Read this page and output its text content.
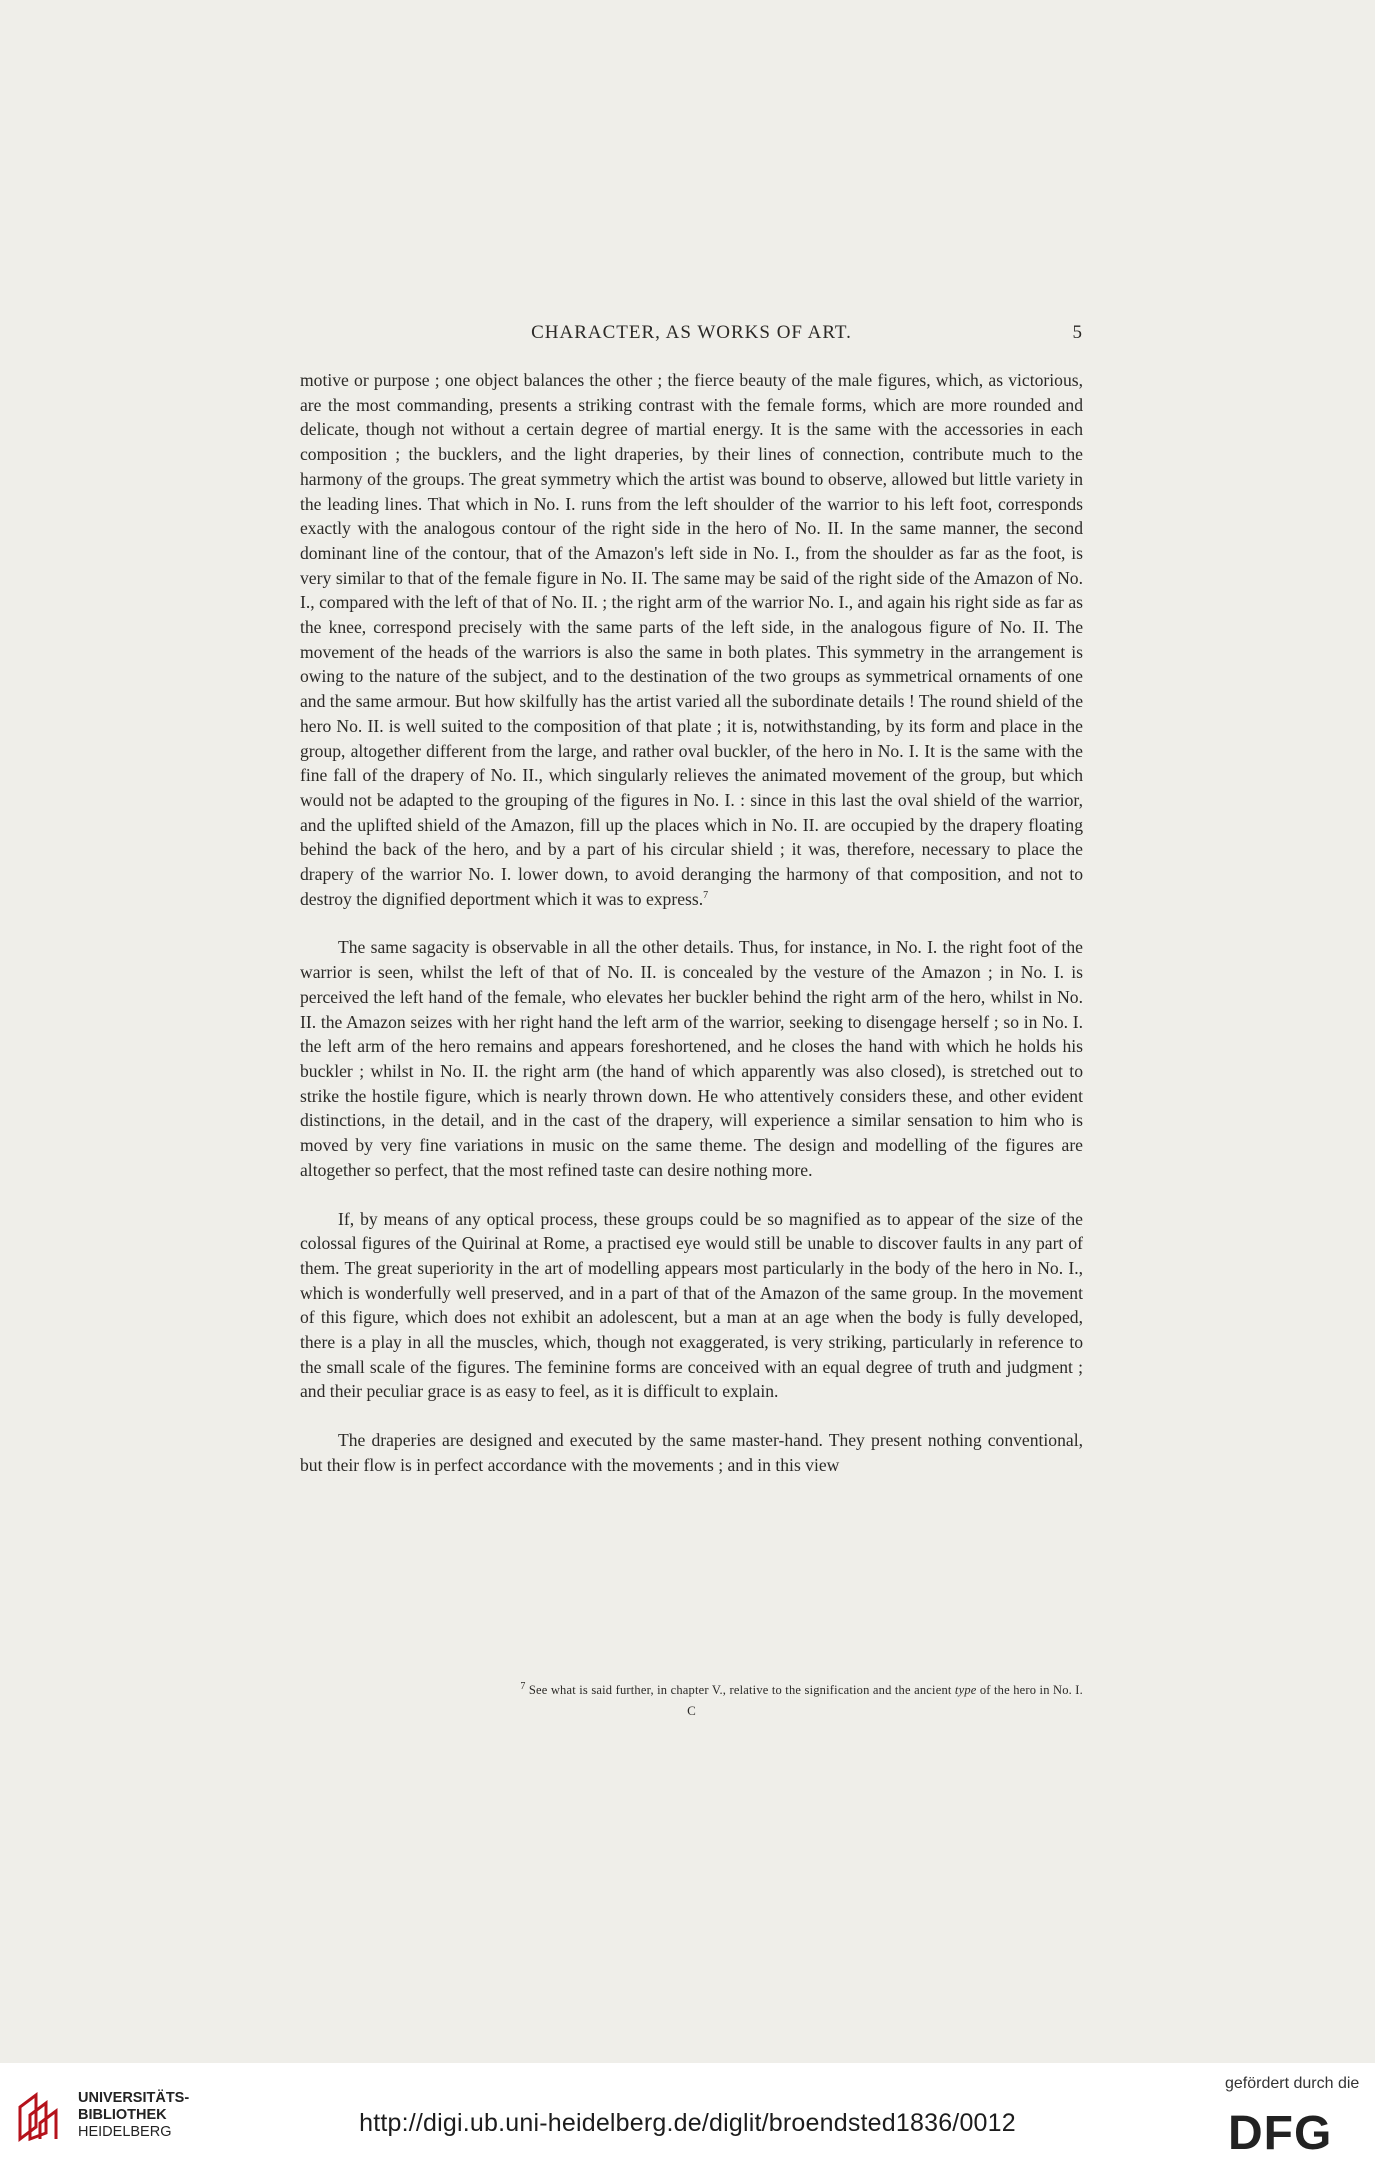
CHARACTER, AS WORKS OF ART.	5

motive or purpose ; one object balances the other ; the fierce beauty of the male figures, which, as victorious, are the most commanding, presents a striking contrast with the female forms, which are more rounded and delicate, though not without a certain degree of martial energy. It is the same with the accessories in each composition ; the bucklers, and the light draperies, by their lines of connection, contribute much to the harmony of the groups. The great symmetry which the artist was bound to observe, allowed but little variety in the leading lines. That which in No. I. runs from the left shoulder of the warrior to his left foot, corresponds exactly with the analogous contour of the right side in the hero of No. II. In the same manner, the second dominant line of the contour, that of the Amazon's left side in No. I., from the shoulder as far as the foot, is very similar to that of the female figure in No. II. The same may be said of the right side of the Amazon of No. I., compared with the left of that of No. II. ; the right arm of the warrior No. I., and again his right side as far as the knee, correspond precisely with the same parts of the left side, in the analogous figure of No. II. The movement of the heads of the warriors is also the same in both plates. This symmetry in the arrangement is owing to the nature of the subject, and to the destination of the two groups as symmetrical ornaments of one and the same armour. But how skilfully has the artist varied all the subordinate details ! The round shield of the hero No. II. is well suited to the composition of that plate ; it is, notwithstanding, by its form and place in the group, altogether different from the large, and rather oval buckler, of the hero in No. I. It is the same with the fine fall of the drapery of No. II., which singularly relieves the animated movement of the group, but which would not be adapted to the grouping of the figures in No. I. : since in this last the oval shield of the warrior, and the uplifted shield of the Amazon, fill up the places which in No. II. are occupied by the drapery floating behind the back of the hero, and by a part of his circular shield ; it was, therefore, necessary to place the drapery of the warrior No. I. lower down, to avoid deranging the harmony of that composition, and not to destroy the dignified deportment which it was to express.$^7$

The same sagacity is observable in all the other details. Thus, for instance, in No. I. the right foot of the warrior is seen, whilst the left of that of No. II. is concealed by the vesture of the Amazon ; in No. I. is perceived the left hand of the female, who elevates her buckler behind the right arm of the hero, whilst in No. II. the Amazon seizes with her right hand the left arm of the warrior, seeking to disengage herself ; so in No. I. the left arm of the hero remains and appears foreshortened, and he closes the hand with which he holds his buckler ; whilst in No. II. the right arm (the hand of which apparently was also closed), is stretched out to strike the hostile figure, which is nearly thrown down. He who attentively considers these, and other evident distinctions, in the detail, and in the cast of the drapery, will experience a similar sensation to him who is moved by very fine variations in music on the same theme. The design and modelling of the figures are altogether so perfect, that the most refined taste can desire nothing more.

If, by means of any optical process, these groups could be so magnified as to appear of the size of the colossal figures of the Quirinal at Rome, a practised eye would still be unable to discover faults in any part of them. The great superiority in the art of modelling appears most particularly in the body of the hero in No. I., which is wonderfully well preserved, and in a part of that of the Amazon of the same group. In the movement of this figure, which does not exhibit an adolescent, but a man at an age when the body is fully developed, there is a play in all the muscles, which, though not exaggerated, is very striking, particularly in reference to the small scale of the figures. The feminine forms are conceived with an equal degree of truth and judgment ; and their peculiar grace is as easy to feel, as it is difficult to explain.

The draperies are designed and executed by the same master-hand. They present nothing conventional, but their flow is in perfect accordance with the movements ; and in this view

$^7$ See what is said further, in chapter V., relative to the signification and the ancient type of the hero in No. I.
C
UNIVERSITÄTS-
BIBLIOTHEK
HEIDELBERG	http://digi.ub.uni-heidelberg.de/diglit/broendsted1836/0012
gefördert durch die
DFG
